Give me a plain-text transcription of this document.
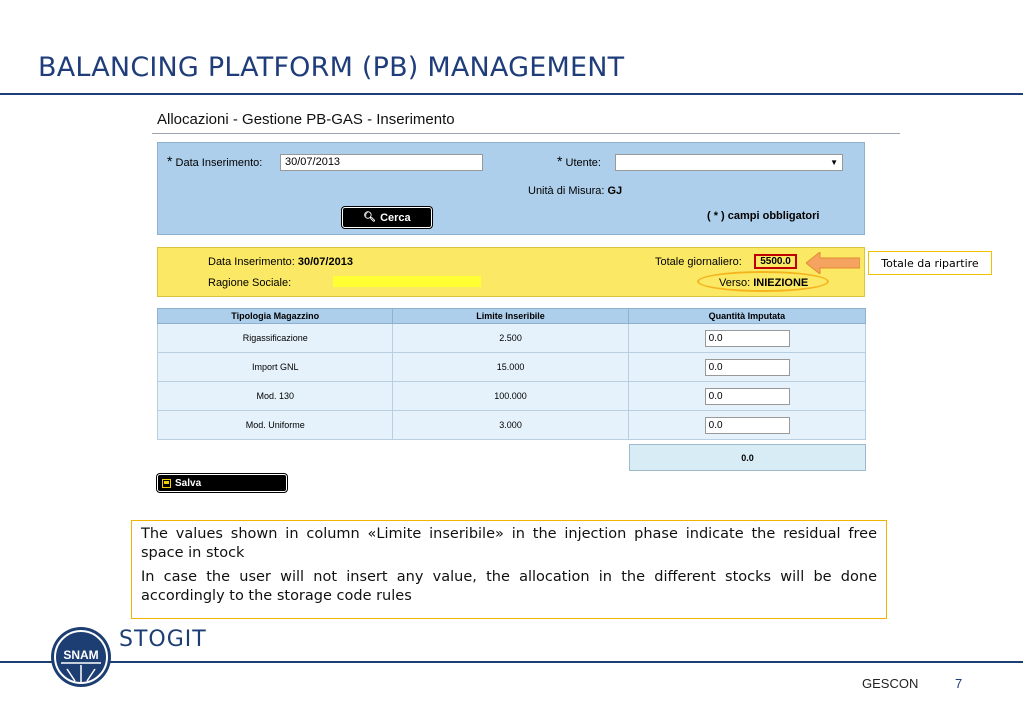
BALANCING PLATFORM (PB) MANAGEMENT
Allocazioni - Gestione PB-GAS - Inserimento
* Data Inserimento:	30/07/2013	* Utente:	▼
Unità di Misura: GJ
🔍︎ Cerca	( * ) campi obbligatori
Data Inserimento: 30/07/2013
Ragione Sociale:
Totale giornaliero:	5500.0
Verso: INIEZIONE
Totale da ripartire
Tipologia Magazzino	Limite Inseribile	Quantità Imputata
Rigassificazione	2.500	0.0
Import GNL	15.000	0.0
Mod. 130	100.000	0.0
Mod. Uniforme	3.000	0.0
0.0
Salva

The values shown in column «Limite inseribile» in the injection phase indicate the residual free space in stock

In case the user will not insert any value, the allocation in the different stocks will be done accordingly to the storage code rules

SNAM
STOGIT
GESCON	7
